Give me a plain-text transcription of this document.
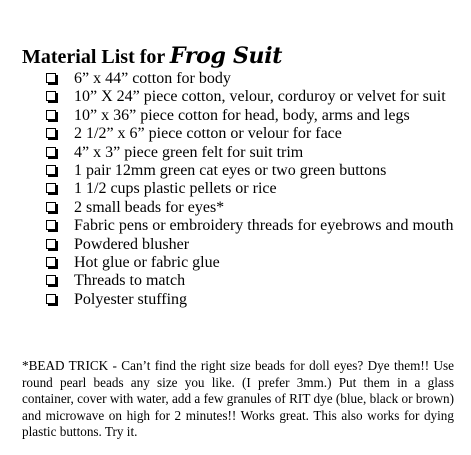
Material List for Frog Suit
6” x 44” cotton for body
10” X 24” piece cotton, velour, corduroy or velvet for suit
10” x 36” piece cotton for head, body, arms and legs
2 1/2” x 6” piece cotton or velour for face
4” x 3” piece green felt for suit trim
1 pair 12mm green cat eyes or two green buttons
1 1/2 cups plastic pellets or rice
2 small beads for eyes*
Fabric pens or embroidery threads for eyebrows and mouth
Powdered blusher
Hot glue or fabric glue
Threads to match
Polyester stuffing

*BEAD TRICK - Can’t find the right size beads for doll eyes? Dye them!! Use round pearl beads any size you like. (I prefer 3mm.) Put them in a glass container, cover with water, add a few granules of RIT dye (blue, black or brown) and microwave on high for 2 minutes!! Works great. This also works for dying plastic buttons. Try it.
